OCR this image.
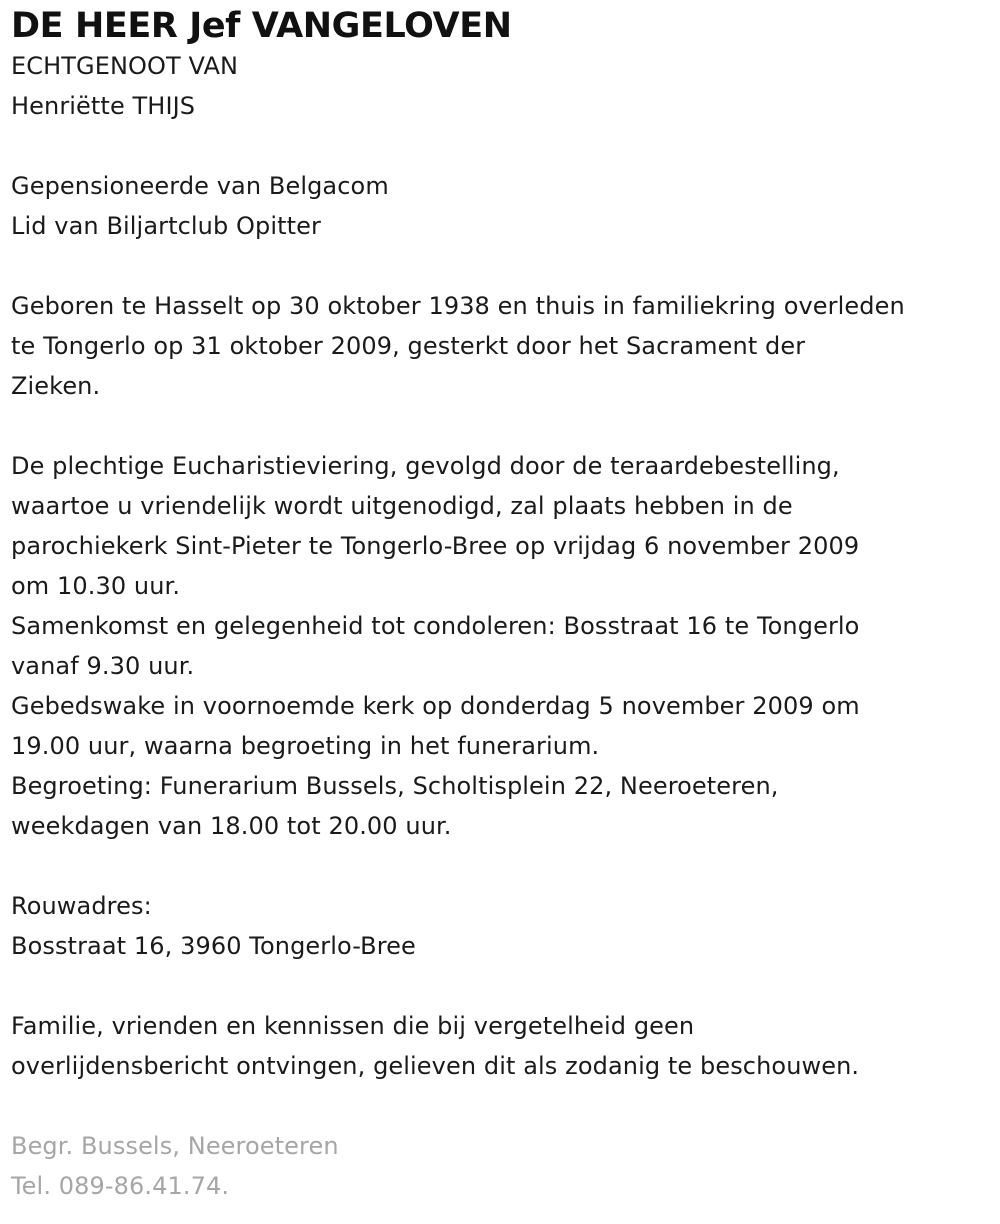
DE HEER Jef VANGELOVEN
ECHTGENOOT VAN
Henriëtte THIJS
Gepensioneerde van Belgacom
Lid van Biljartclub Opitter
Geboren te Hasselt op 30 oktober 1938 en thuis in familiekring overleden
te Tongerlo op 31 oktober 2009, gesterkt door het Sacrament der
Zieken.
De plechtige Eucharistieviering, gevolgd door de teraardebestelling,
waartoe u vriendelijk wordt uitgenodigd, zal plaats hebben in de
parochiekerk Sint-Pieter te Tongerlo-Bree op vrijdag 6 november 2009
om 10.30 uur.
Samenkomst en gelegenheid tot condoleren: Bosstraat 16 te Tongerlo
vanaf 9.30 uur.
Gebedswake in voornoemde kerk op donderdag 5 november 2009 om
19.00 uur, waarna begroeting in het funerarium.
Begroeting: Funerarium Bussels, Scholtisplein 22, Neeroeteren,
weekdagen van 18.00 tot 20.00 uur.
Rouwadres:
Bosstraat 16, 3960 Tongerlo-Bree
Familie, vrienden en kennissen die bij vergetelheid geen
overlijdensbericht ontvingen, gelieven dit als zodanig te beschouwen.
Begr. Bussels, Neeroeteren
Tel. 089-86.41.74.
